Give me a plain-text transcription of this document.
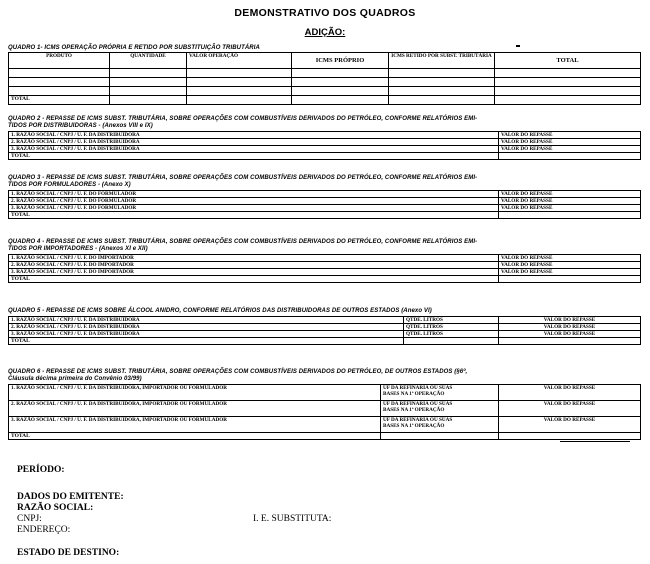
DEMONSTRATIVO DOS QUADROS
ADIÇÃO:
QUADRO 1- ICMS OPERAÇÃO PRÓPRIA E RETIDO POR SUBSTITUIÇÃO TRIBUTÁRIA
PRODUTO	QUANTIDADE	VALOR OPERAÇÃO	ICMS PRÓPRIO	ICMS RETIDO POR SUBST. TRIBUTÁRIA	TOTAL

TOTAL					
QUADRO 2 - REPASSE DE ICMS SUBST. TRIBUTÁRIA, SOBRE OPERAÇÕES COM COMBUSTÍVEIS DERIVADOS DO PETRÓLEO, CONFORME RELATÓRIOS EMI-
TIDOS POR DISTRIBUIDORAS - (Anexos VIII e IX)
1. RAZÃO SOCIAL / CNPJ / U. F. DA DISTRIBUIDORA	VALOR DO REPASSE
2. RAZÃO SOCIAL / CNPJ / U. F. DA DISTRIBUIDORA	VALOR DO REPASSE
3. RAZÃO SOCIAL / CNPJ / U. F. DA DISTRIBUIDORA	VALOR DO REPASSE
TOTAL	
QUADRO 3 - REPASSE DE ICMS SUBST. TRIBUTÁRIA, SOBRE OPERAÇÕES COM COMBUSTÍVEIS DERIVADOS DO PETRÓLEO, CONFORME RELATÓRIOS EMI-
TIDOS POR FORMULADORES - (Anexo X)
1. RAZÃO SOCIAL / CNPJ / U. F. DO FORMULADOR	VALOR DO REPASSE
2. RAZÃO SOCIAL / CNPJ / U. F. DO FORMULADOR	VALOR DO REPASSE
3. RAZÃO SOCIAL / CNPJ / U. F. DO FORMULADOR	VALOR DO REPASSE
TOTAL	
QUADRO 4 - REPASSE DE ICMS SUBST. TRIBUTÁRIA, SOBRE OPERAÇÕES COM COMBUSTÍVEIS DERIVADOS DO PETRÓLEO, CONFORME RELATÓRIOS EMI-
TIDOS POR IMPORTADORES - (Anexos XI e XII)
1. RAZÃO SOCIAL / CNPJ / U. F. DO IMPORTADOR	VALOR DO REPASSE
2. RAZÃO SOCIAL / CNPJ / U. F. DO IMPORTADOR	VALOR DO REPASSE
3. RAZÃO SOCIAL / CNPJ / U. F. DO IMPORTADOR	VALOR DO REPASSE
TOTAL	
QUADRO 5 - REPASSE DE ICMS SOBRE ÁLCOOL ANIDRO, CONFORME RELATÓRIOS DAS DISTRIBUIDORAS DE OUTROS ESTADOS (Anexo VI)
1. RAZÃO SOCIAL / CNPJ / U. F. DA DISTRIBUIDORA	QTDE. LITROS	VALOR DO REPASSE
2. RAZÃO SOCIAL / CNPJ / U. F. DA DISTRIBUIDORA	QTDE. LITROS	VALOR DO REPASSE
3. RAZÃO SOCIAL / CNPJ / U. F. DA DISTRIBUIDORA	QTDE. LITROS	VALOR DO REPASSE
TOTAL		
QUADRO 6 - REPASSE DE ICMS SUBST. TRIBUTÁRIA, SOBRE OPERAÇÕES COM COMBUSTÍVEIS DERIVADOS DO PETRÓLEO, DE OUTROS ESTADOS (§6º,
Cláusula décima primeira do Convênio 03/99)
1. RAZÃO SOCIAL / CNPJ / U. F. DA DISTRIBUIDORA, IMPORTADOR OU FORMULADOR	UF DA REFINARIA OU SUAS
BASES NA 1ª OPERAÇÃO	VALOR DO REPASSE
2. RAZÃO SOCIAL / CNPJ / U. F. DA DISTRIBUIDORA, IMPORTADOR OU FORMULADOR	UF DA REFINARIA OU SUAS
BASES NA 1ª OPERAÇÃO	VALOR DO REPASSE
3. RAZÃO SOCIAL / CNPJ / U. F. DA DISTRIBUIDORA, IMPORTADOR OU FORMULADOR	UF DA REFINARIA OU SUAS
BASES NA 1ª OPERAÇÃO	VALOR DO REPASSE
TOTAL		
PERÍODO:
DADOS DO EMITENTE:
RAZÃO SOCIAL:
CNPJ:	I. E. SUBSTITUTA:
ENDEREÇO:
ESTADO DE DESTINO:
